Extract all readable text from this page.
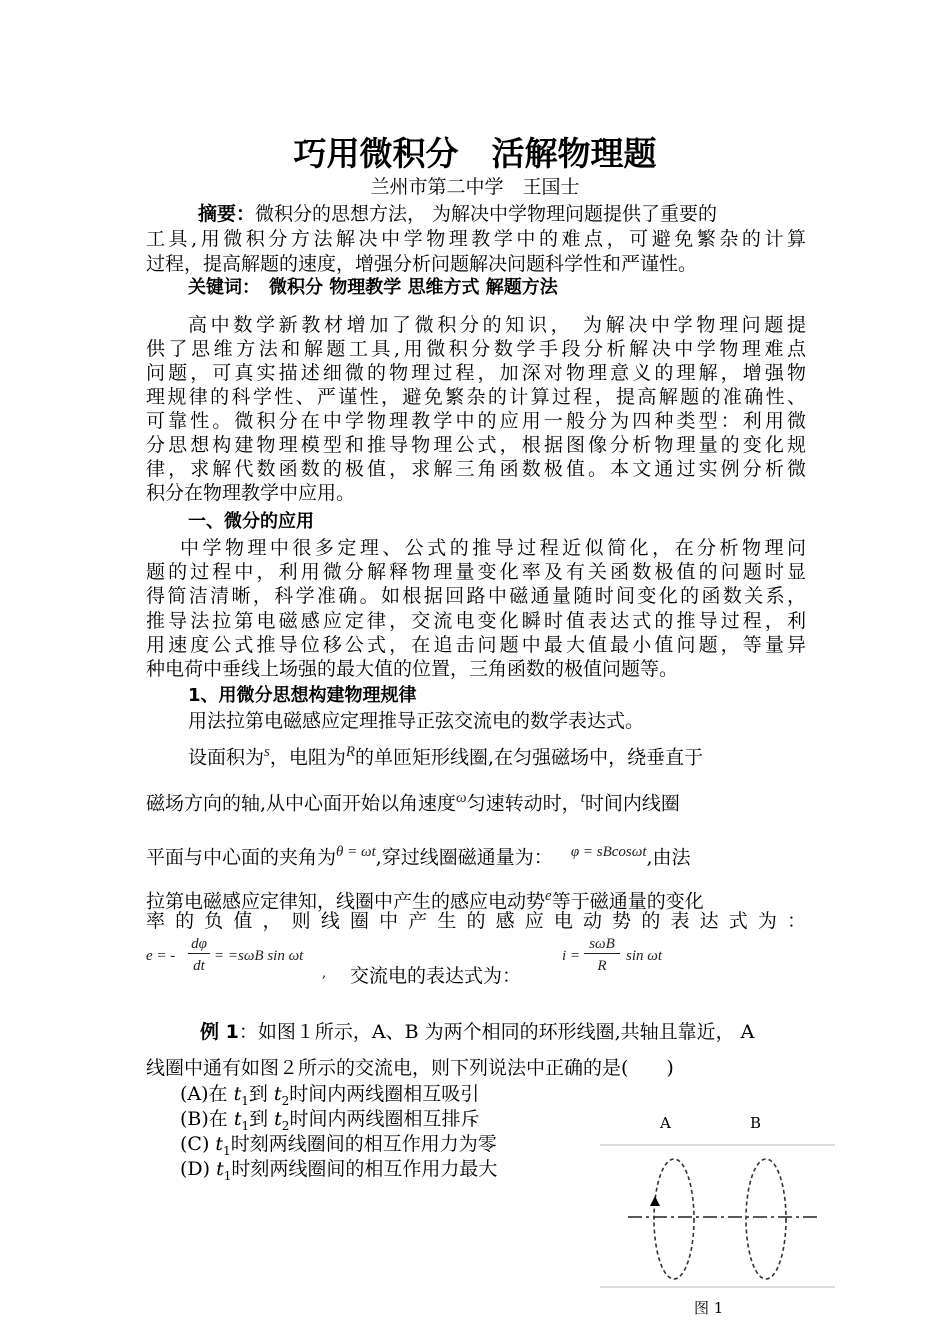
巧用微积分　活解物理题
兰州市第二中学　王国士
摘要：微积分的思想方法， 为解决中学物理问题提供了重要的
工具,用微积分方法解决中学物理教学中的难点，可避免繁杂的计算
过程，提高解题的速度，增强分析问题解决问题科学性和严谨性。
关键词：　微积分 物理教学 思维方式 解题方法
高中数学新教材增加了微积分的知识， 为解决中学物理问题提
供了思维方法和解题工具,用微积分数学手段分析解决中学物理难点
问题，可真实描述细微的物理过程，加深对物理意义的理解，增强物
理规律的科学性、严谨性，避免繁杂的计算过程，提高解题的准确性、
可靠性。微积分在中学物理教学中的应用一般分为四种类型：利用微
分思想构建物理模型和推导物理公式，根据图像分析物理量的变化规
律，求解代数函数的极值，求解三角函数极值。本文通过实例分析微
积分在物理教学中应用。
一、微分的应用
中学物理中很多定理、公式的推导过程近似简化，在分析物理问
题的过程中，利用微分解释物理量变化率及有关函数极值的问题时显
得简洁清晰，科学准确。如根据回路中磁通量随时间变化的函数关系，
推导法拉第电磁感应定律，交流电变化瞬时值表达式的推导过程，利
用速度公式推导位移公式，在追击问题中最大值最小值问题，等量异
种电荷中垂线上场强的最大值的位置，三角函数的极值问题等。
1、用微分思想构建物理规律
用法拉第电磁感应定理推导正弦交流电的数学表达式。
设面积为$^s$，电阻为$^R$的单匝矩形线圈,在匀强磁场中，绕垂直于
磁场方向的轴,从中心面开始以角速度$^\omega$匀速转动时，$^t$时间内线圈
平面与中心面的夹角为$^{\theta = \omega t}$,穿过线圈磁通量为： $^{\varphi = sBcos\omega t}$,由法
拉第电磁感应定律知，线圈中产生的感应电动势$^e$等于磁通量的变化
率 的 负 值 ， 则 线 圈 中 产 生 的 感 应 电 动 势 的 表 达 式 为 ：
e = -
dφ
dt
= =sωB sin ωt
, 交流电的表达式为：
i =
sωB
R
sin ωt
例 1：如图１所示，A、B 为两个相同的环形线圈,共轴且靠近， A
线圈中通有如图２所示的交流电，则下列说法中正确的是(　　)
(A)在 $t_1$到 $t_2$时间内两线圈相互吸引
(B)在 $t_1$到 $t_2$时间内两线圈相互排斥
(C) $t_1$时刻两线圈间的相互作用力为零
(D) $t_1$时刻两线圈间的相互作用力最大
A	B
图 1
